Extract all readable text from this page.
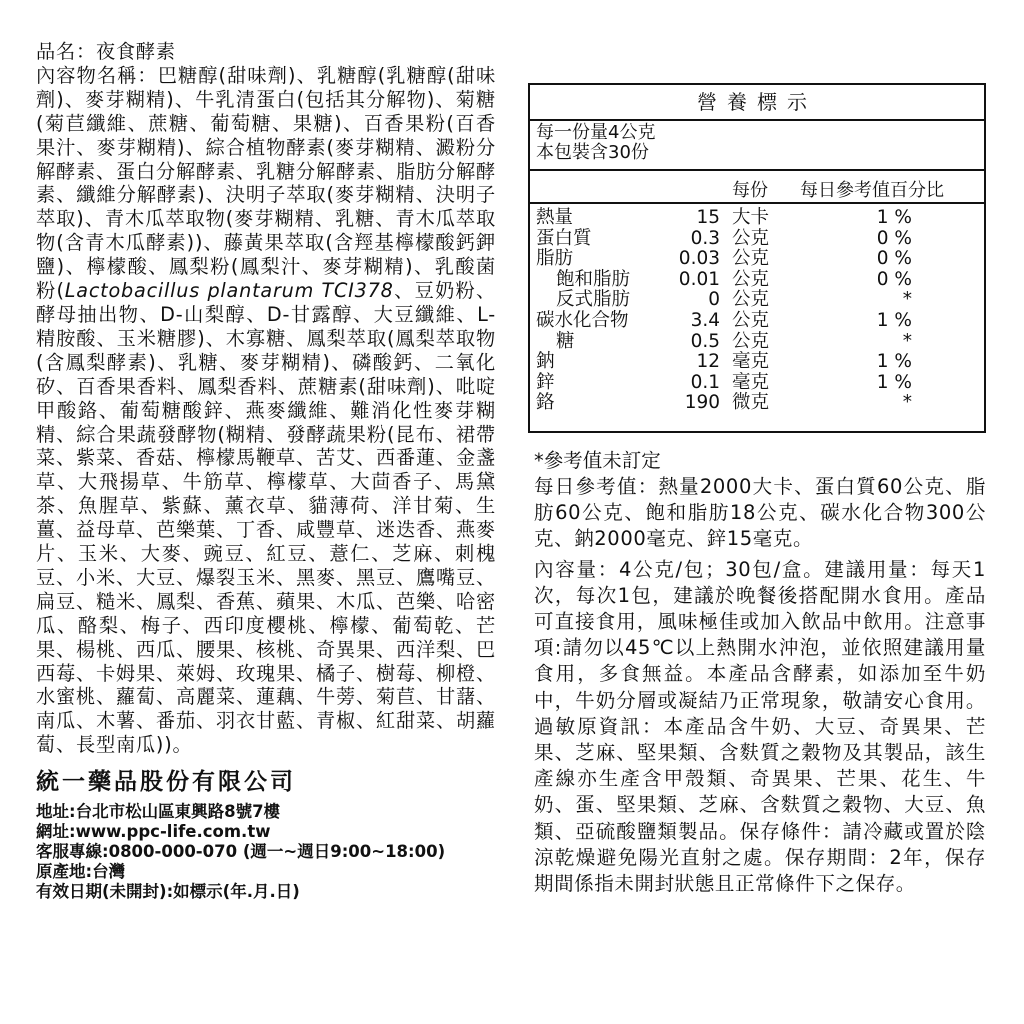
品名：夜食酵素

內容物名稱：巴糖醇(甜味劑)、乳糖醇(乳糖醇(甜味劑)、麥芽糊精)、牛乳清蛋白(包括其分解物)、菊糖(菊苣纖維、蔗糖、葡萄糖、果糖)、百香果粉(百香果汁、麥芽糊精)、綜合植物酵素(麥芽糊精、澱粉分解酵素、蛋白分解酵素、乳糖分解酵素、脂肪分解酵素、纖維分解酵素)、決明子萃取(麥芽糊精、決明子萃取)、青木瓜萃取物(麥芽糊精、乳糖、青木瓜萃取物(含青木瓜酵素))、藤黃果萃取(含羥基檸檬酸鈣鉀鹽)、檸檬酸、鳳梨粉(鳳梨汁、麥芽糊精)、乳酸菌粉(Lactobacillus plantarum TCI378、豆奶粉、酵母抽出物、D-山梨醇、D-甘露醇、大豆纖維、L-精胺酸、玉米糖膠)、木寡糖、鳳梨萃取(鳳梨萃取物(含鳳梨酵素)、乳糖、麥芽糊精)、磷酸鈣、二氧化矽、百香果香料、鳳梨香料、蔗糖素(甜味劑)、吡啶甲酸鉻、葡萄糖酸鋅、燕麥纖維、難消化性麥芽糊精、綜合果蔬發酵物(糊精、發酵蔬果粉(昆布、裙帶菜、紫菜、香菇、檸檬馬鞭草、苦艾、西番蓮、金盞草、大飛揚草、牛筋草、檸檬草、大茴香子、馬黛茶、魚腥草、紫蘇、薰衣草、貓薄荷、洋甘菊、生薑、益母草、芭樂葉、丁香、咸豐草、迷迭香、燕麥片、玉米、大麥、豌豆、紅豆、薏仁、芝麻、刺槐豆、小米、大豆、爆裂玉米、黑麥、黑豆、鷹嘴豆、扁豆、糙米、鳳梨、香蕉、蘋果、木瓜、芭樂、哈密瓜、酪梨、梅子、西印度櫻桃、檸檬、葡萄乾、芒果、楊桃、西瓜、腰果、核桃、奇異果、西洋梨、巴西莓、卡姆果、萊姆、玫瑰果、橘子、樹莓、柳橙、水蜜桃、蘿蔔、高麗菜、蓮藕、牛蒡、菊苣、甘藷、南瓜、木薯、番茄、羽衣甘藍、青椒、紅甜菜、胡蘿蔔、長型南瓜))。

統一藥品股份有限公司
地址:台北市松山區東興路8號7樓
網址:www.ppc-life.com.tw
客服專線:0800-000-070 (週一~週日9:00~18:00)
原產地:台灣
有效日期(未開封):如標示(年.月.日)
營養標示
每一份量4公克
本包裝含30份
每份 每日參考值百分比
熱量	15 大卡	1 %
蛋白質	0.3 公克	0 %
脂肪	0.03 公克	0 %
飽和脂肪	0.01 公克	0 %
反式脂肪	0 公克	*
碳水化合物	3.4 公克	1 %
糖	0.5 公克	*
鈉	12 毫克	1 %
鋅	0.1 毫克	1 %
鉻	190 微克	*
*參考值未訂定

每日參考值：熱量2000大卡、蛋白質60公克、脂肪60公克、飽和脂肪18公克、碳水化合物300公克、鈉2000毫克、鋅15毫克。

內容量：4公克/包；30包/盒。建議用量：每天1次，每次1包，建議於晚餐後搭配開水食用。產品可直接食用，風味極佳或加入飲品中飲用。注意事項:請勿以45℃以上熱開水沖泡，並依照建議用量食用，多食無益。本產品含酵素，如添加至牛奶中，牛奶分層或凝結乃正常現象，敬請安心食用。過敏原資訊：本產品含牛奶、大豆、奇異果、芒果、芝麻、堅果類、含麩質之穀物及其製品，該生產線亦生產含甲殼類、奇異果、芒果、花生、牛奶、蛋、堅果類、芝麻、含麩質之穀物、大豆、魚類、亞硫酸鹽類製品。保存條件：請冷藏或置於陰涼乾燥避免陽光直射之處。保存期間：2年，保存期間係指未開封狀態且正常條件下之保存。
